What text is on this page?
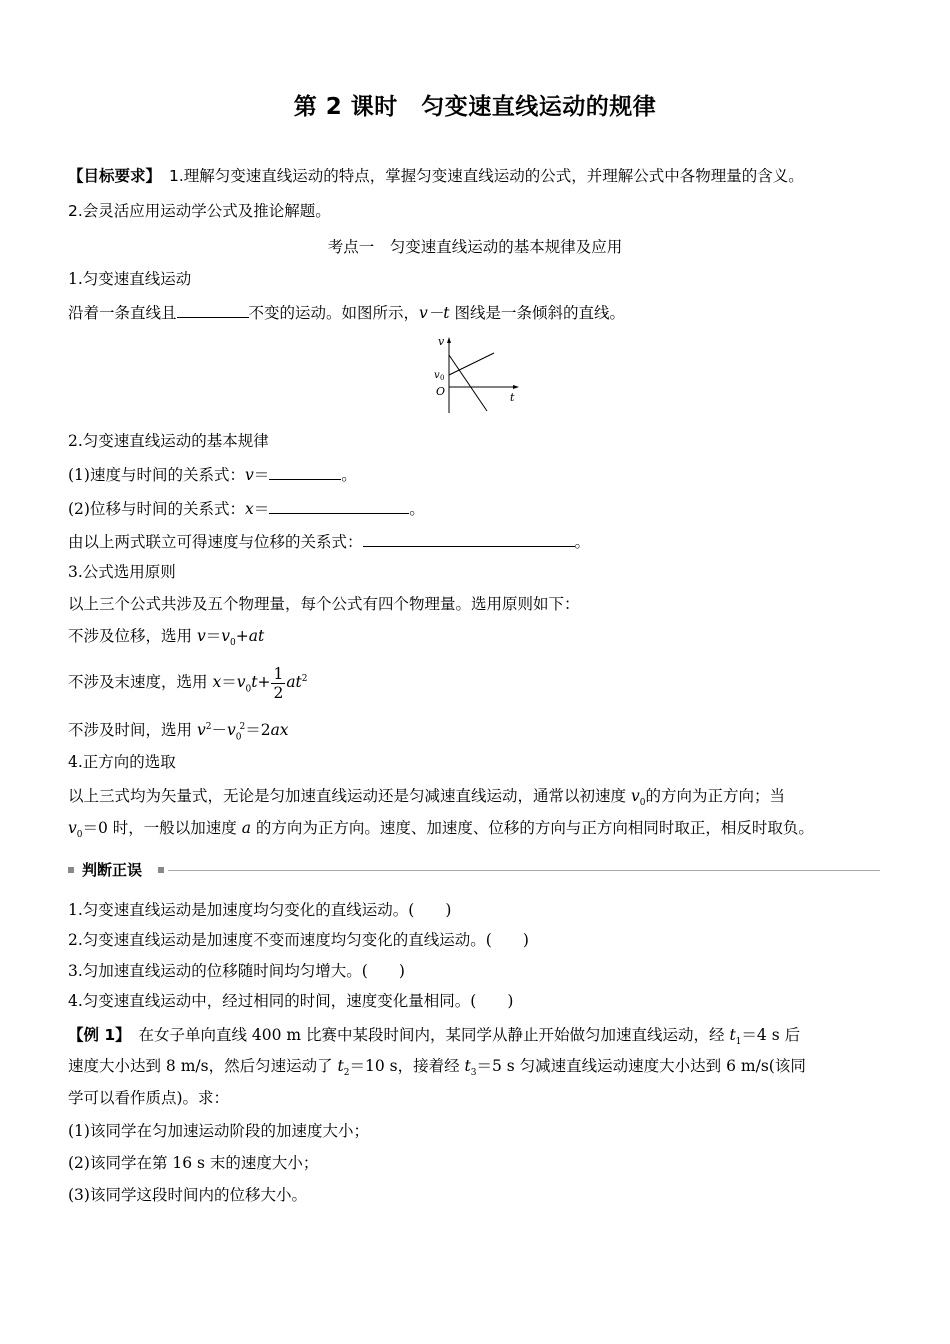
第 2 课时　匀变速直线运动的规律
【目标要求】 1.理解匀变速直线运动的特点，掌握匀变速直线运动的公式，并理解公式中各物理量的含义。
2.会灵活应用运动学公式及推论解题。
考点一　匀变速直线运动的基本规律及应用
1.匀变速直线运动
沿着一条直线且	不变的运动。如图所示，v－t 图线是一条倾斜的直线。
v
v 0
O	t
2.匀变速直线运动的基本规律
(1)速度与时间的关系式：v＝	。
(2)位移与时间的关系式：x＝	。
由以上两式联立可得速度与位移的关系式：	。
3.公式选用原则
以上三个公式共涉及五个物理量，每个公式有四个物理量。选用原则如下：
不涉及位移，选用 $v=v_0+at$
不涉及末速度，选用 $x=v_0t+ \frac{1}{2} at^2$
不涉及时间，选用 $v^2-v_0^2=2ax$
4.正方向的选取
以上三式均为矢量式，无论是匀加速直线运动还是匀减速直线运动，通常以初速度 $v_0$的方向为正方向；当
$v_0=0$ 时，一般以加速度 a 的方向为正方向。速度、加速度、位移的方向与正方向相同时取正，相反时取负。
判断正误
1.匀变速直线运动是加速度均匀变化的直线运动。(　　)
2.匀变速直线运动是加速度不变而速度均匀变化的直线运动。(　　)
3.匀加速直线运动的位移随时间均匀增大。(　　)
4.匀变速直线运动中，经过相同的时间，速度变化量相同。(　　)
【例 1】　在女子单向直线 400 m 比赛中某段时间内，某同学从静止开始做匀加速直线运动，经 $t_1=4$ s 后
速度大小达到 8 m/s，然后匀速运动了 $t_2=10$ s，接着经 $t_3=5$ s 匀减速直线运动速度大小达到 6 m/s(该同
学可以看作质点)。求：
(1)该同学在匀加速运动阶段的加速度大小；
(2)该同学在第 16 s 末的速度大小；
(3)该同学这段时间内的位移大小。
